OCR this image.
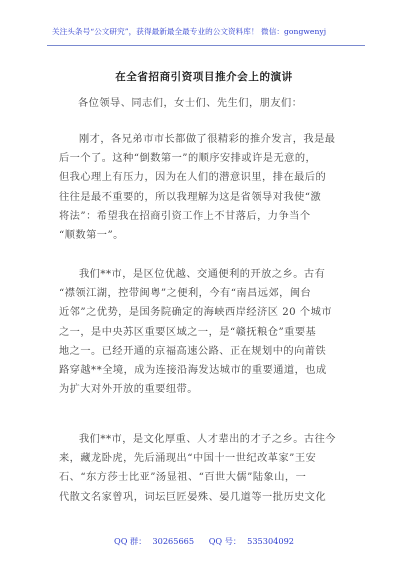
关注头条号“公文研究”，获得最新最全最专业的公文资料库！ 微信：gongwenyj
在全省招商引资项目推介会上的演讲
各位领导、同志们，女士们、先生们，朋友们：
刚才，各兄弟市市长都做了很精彩的推介发言，我是最
后一个了。这种“倒数第一”的顺序安排或许是无意的，
但我心理上有压力，因为在人们的潜意识里，排在最后的
往往是最不重要的，所以我理解为这是省领导对我使“激
将法”：希望我在招商引资工作上不甘落后，力争当个
“顺数第一”。
我们**市，是区位优越、交通便利的开放之乡。古有
“襟领江湖，控带闽粤”之便利，今有“南昌远郊，闽台
近邻”之优势，是国务院确定的海峡西岸经济区 20 个城市
之一，是中央苏区重要区域之一，是“赣抚粮仓”重要基
地之一。已经开通的京福高速公路、正在规划中的向莆铁
路穿越**全境，成为连接沿海发达城市的重要通道，也成
为扩大对外开放的重要纽带。
我们**市，是文化厚重、人才辈出的才子之乡。古往今
来，藏龙卧虎，先后涌现出“中国十一世纪改革家”王安
石、“东方莎士比亚”汤显祖、“百世大儒”陆象山，一
代散文名家曾巩，词坛巨匠晏殊、晏几道等一批历史文化
QQ 群： 30265665 QQ 号： 535304092
